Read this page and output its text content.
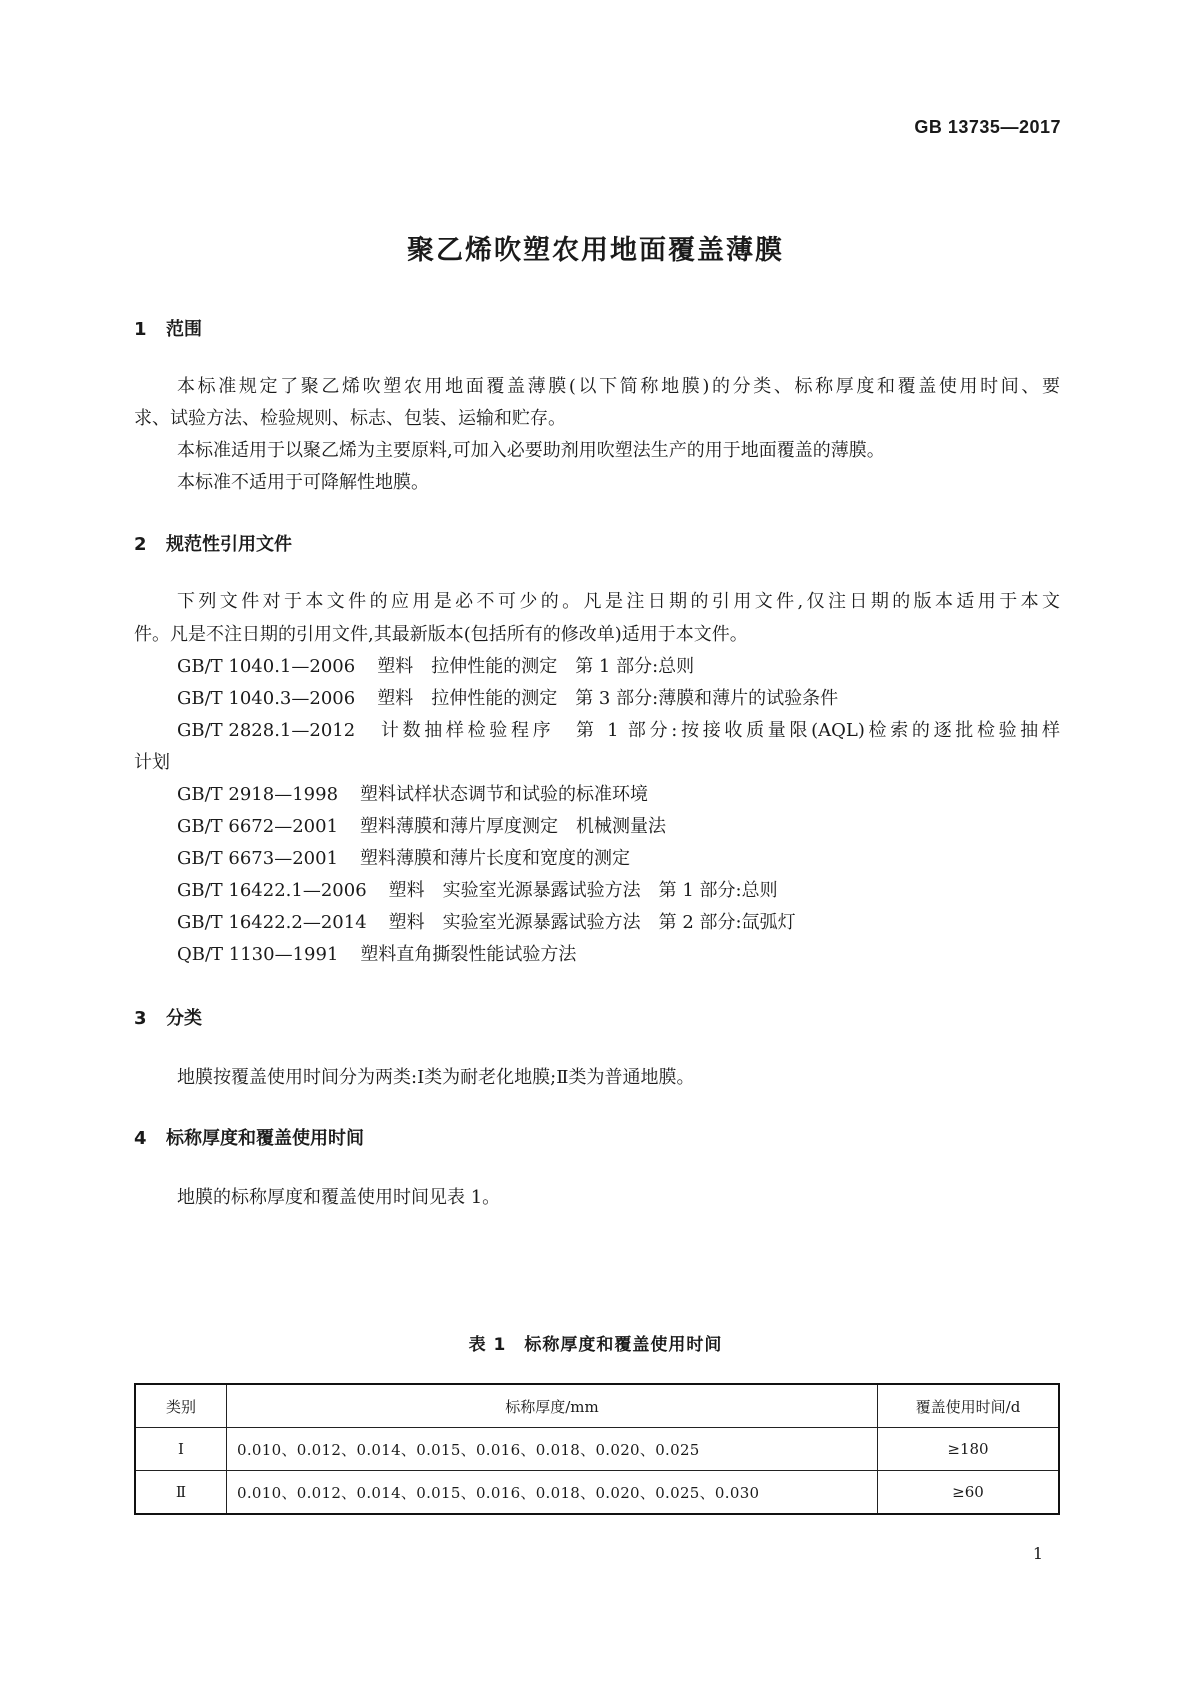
GB 13735—2017
聚乙烯吹塑农用地面覆盖薄膜
1 范围
本标准规定了聚乙烯吹塑农用地面覆盖薄膜(以下简称地膜)的分类、标称厚度和覆盖使用时间、要
求、试验方法、检验规则、标志、包装、运输和贮存。
本标准适用于以聚乙烯为主要原料,可加入必要助剂用吹塑法生产的用于地面覆盖的薄膜。
本标准不适用于可降解性地膜。
2 规范性引用文件
下列文件对于本文件的应用是必不可少的。凡是注日期的引用文件,仅注日期的版本适用于本文
件。凡是不注日期的引用文件,其最新版本(包括所有的修改单)适用于本文件。
GB/T 1040.1—2006 塑料　拉伸性能的测定　第 1 部分:总则
GB/T 1040.3—2006 塑料　拉伸性能的测定　第 3 部分:薄膜和薄片的试验条件
GB/T 2828.1—2012 计数抽样检验程序　第 1 部分:按接收质量限(AQL)检索的逐批检验抽样
计划
GB/T 2918—1998 塑料试样状态调节和试验的标准环境
GB/T 6672—2001 塑料薄膜和薄片厚度测定　机械测量法
GB/T 6673—2001 塑料薄膜和薄片长度和宽度的测定
GB/T 16422.1—2006 塑料　实验室光源暴露试验方法　第 1 部分:总则
GB/T 16422.2—2014 塑料　实验室光源暴露试验方法　第 2 部分:氙弧灯
QB/T 1130—1991 塑料直角撕裂性能试验方法
3 分类
地膜按覆盖使用时间分为两类:Ⅰ类为耐老化地膜;Ⅱ类为普通地膜。
4 标称厚度和覆盖使用时间
地膜的标称厚度和覆盖使用时间见表 1。
表 1　标称厚度和覆盖使用时间
类别	标称厚度/mm	覆盖使用时间/d
Ⅰ	0.010、0.012、0.014、0.015、0.016、0.018、0.020、0.025	≥180
Ⅱ	0.010、0.012、0.014、0.015、0.016、0.018、0.020、0.025、0.030	≥60
1
